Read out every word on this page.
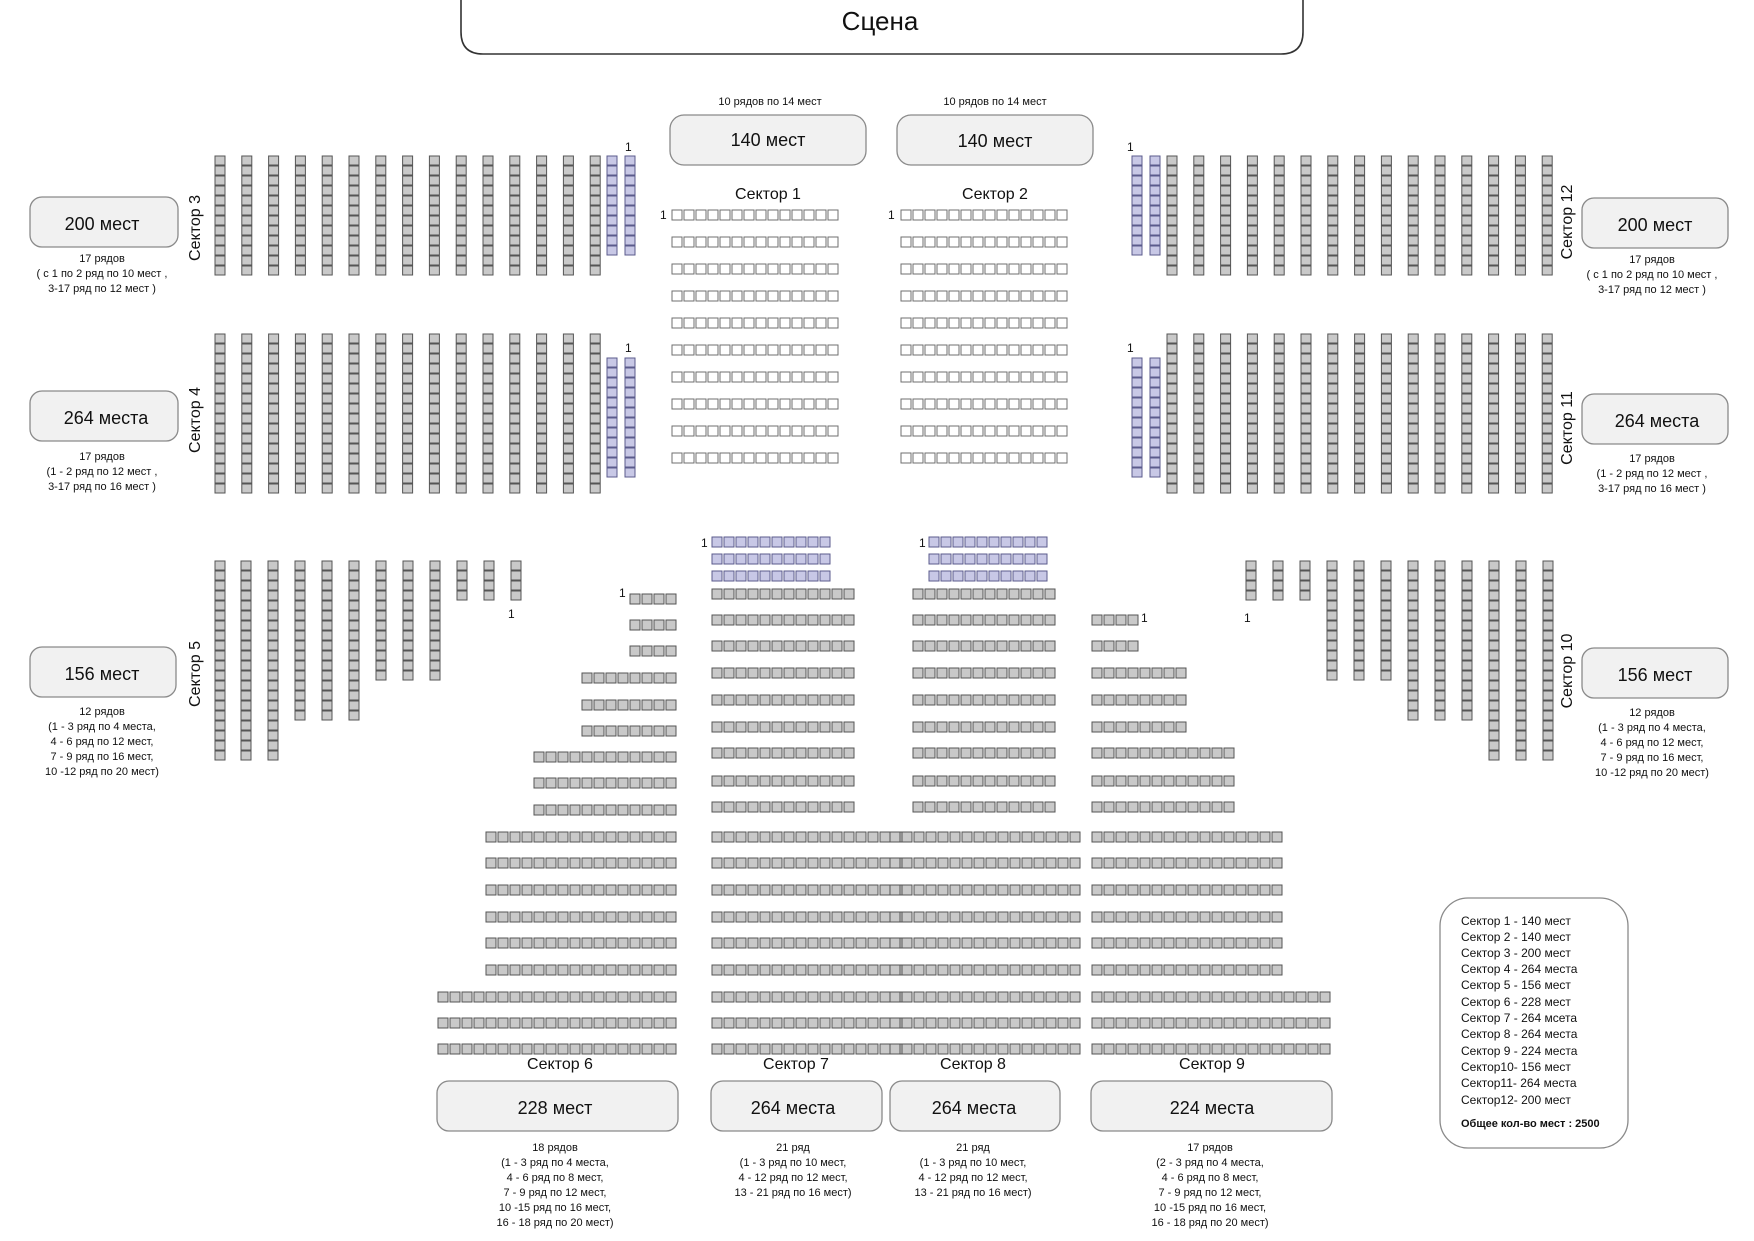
Сцена
10 рядов по 14 мест
140 мест
Сектор 1
10 рядов по 14 мест
140 мест
Сектор 2
200 мест
17 рядов
( с 1 по 2 ряд по 10 мест ,
3-17 ряд по 12 мест )
Сектор 3
264 места
17 рядов
(1 - 2 ряд по 12 мест ,
3-17 ряд по 16 мест )
Сектор 4
156 мест
12 рядов
(1 - 3 ряд по 4 места,
4 - 6 ряд по 12 мест,
7 - 9 ряд по 16 мест,
10 -12 ряд по 20 мест)
Сектор 5
Сектор 6
228 мест
18 рядов
(1 - 3 ряд по 4 места,
4 - 6 ряд по 8 мест,
7 - 9 ряд по 12 мест,
10 -15 ряд по 16 мест,
16 - 18 ряд по 20 мест)
Сектор 7
264 места
21 ряд
(1 - 3 ряд по 10 мест,
4 - 12 ряд по 12 мест,
13 - 21 ряд по 16 мест)
Сектор 8
264 места
21 ряд
(1 - 3 ряд по 10 мест,
4 - 12 ряд по 12 мест,
13 - 21 ряд по 16 мест)
Сектор 9
224 места
17 рядов
(2 - 3 ряд по 4 места,
4 - 6 ряд по 8 мест,
7 - 9 ряд по 12 мест,
10 -15 ряд по 16 мест,
16 - 18 ряд по 20 мест)
156 мест
12 рядов
(1 - 3 ряд по 4 места,
4 - 6 ряд по 12 мест,
7 - 9 ряд по 16 мест,
10 -12 ряд по 20 мест)
Сектор 10
264 места
17 рядов
(1 - 2 ряд по 12 мест ,
3-17 ряд по 16 мест )
Сектор 11
200 мест
17 рядов
( с 1 по 2 ряд по 10 мест ,
3-17 ряд по 12 мест )
Сектор 12
Сектор 1 - 140 мест
Сектор 2 - 140 мест
Сектор 3 - 200 мест
Сектор 4 - 264 места
Сектор 5 - 156 мест
Сектор 6 - 228 мест
Сектор 7 - 264 мсета
Сектор 8 - 264 места
Сектор 9 - 224 места
Сектор10- 156 мест
Сектор11- 264 места
Сектор12- 200 мест
Общее кол-во мест : 2500
1
1
1
1	1
1	1
1
1	1
1
1
